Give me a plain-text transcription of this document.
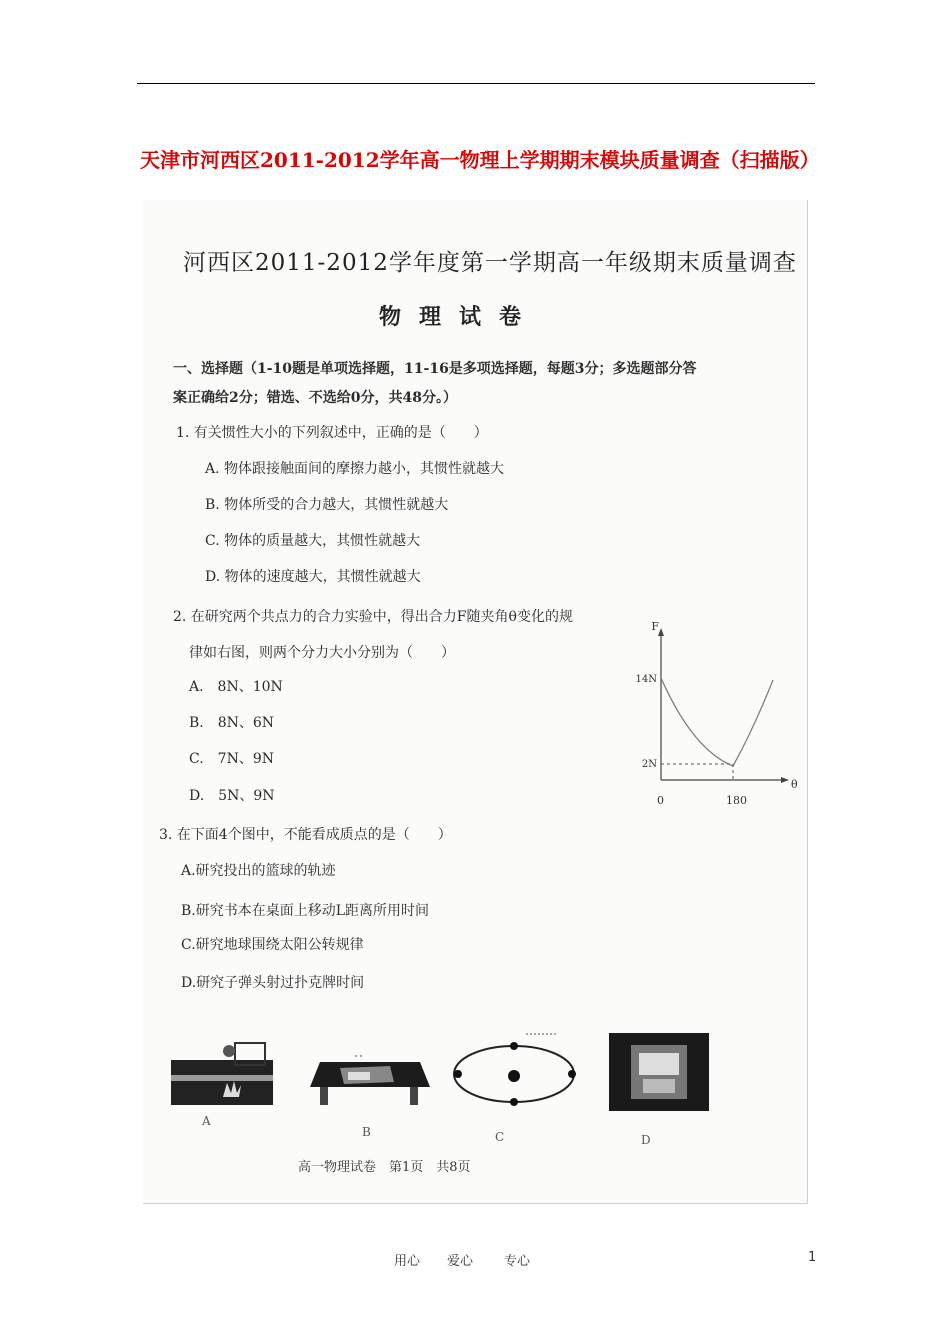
天津市河西区2011-2012学年高一物理上学期期末模块质量调查（扫描版）
河西区2011-2012学年度第一学期高一年级期末质量调查
物理试卷
一、选择题（1-10题是单项选择题，11-16是多项选择题，每题3分；多选题部分答
案正确给2分；错选、不选给0分，共48分。）
1. 有关惯性大小的下列叙述中，正确的是（　　）
A. 物体跟接触面间的摩擦力越小，其惯性就越大
B. 物体所受的合力越大，其惯性就越大
C. 物体的质量越大，其惯性就越大
D. 物体的速度越大，其惯性就越大
2. 在研究两个共点力的合力实验中，得出合力F随夹角θ变化的规
律如右图，则两个分力大小分别为（　　）
A.　8N、10N
B.　8N、6N
C.　7N、9N
D.　5N、9N
F
θ
14N
2N
0	180
3. 在下面4个图中，不能看成质点的是（　　）
A.研究投出的篮球的轨迹
B.研究书本在桌面上移动L距离所用时间
C.研究地球围绕太阳公转规律
D.研究子弹头射过扑克牌时间
A
B	C	D
高一物理试卷　第1页　共8页
用心 爱心 专心	1
